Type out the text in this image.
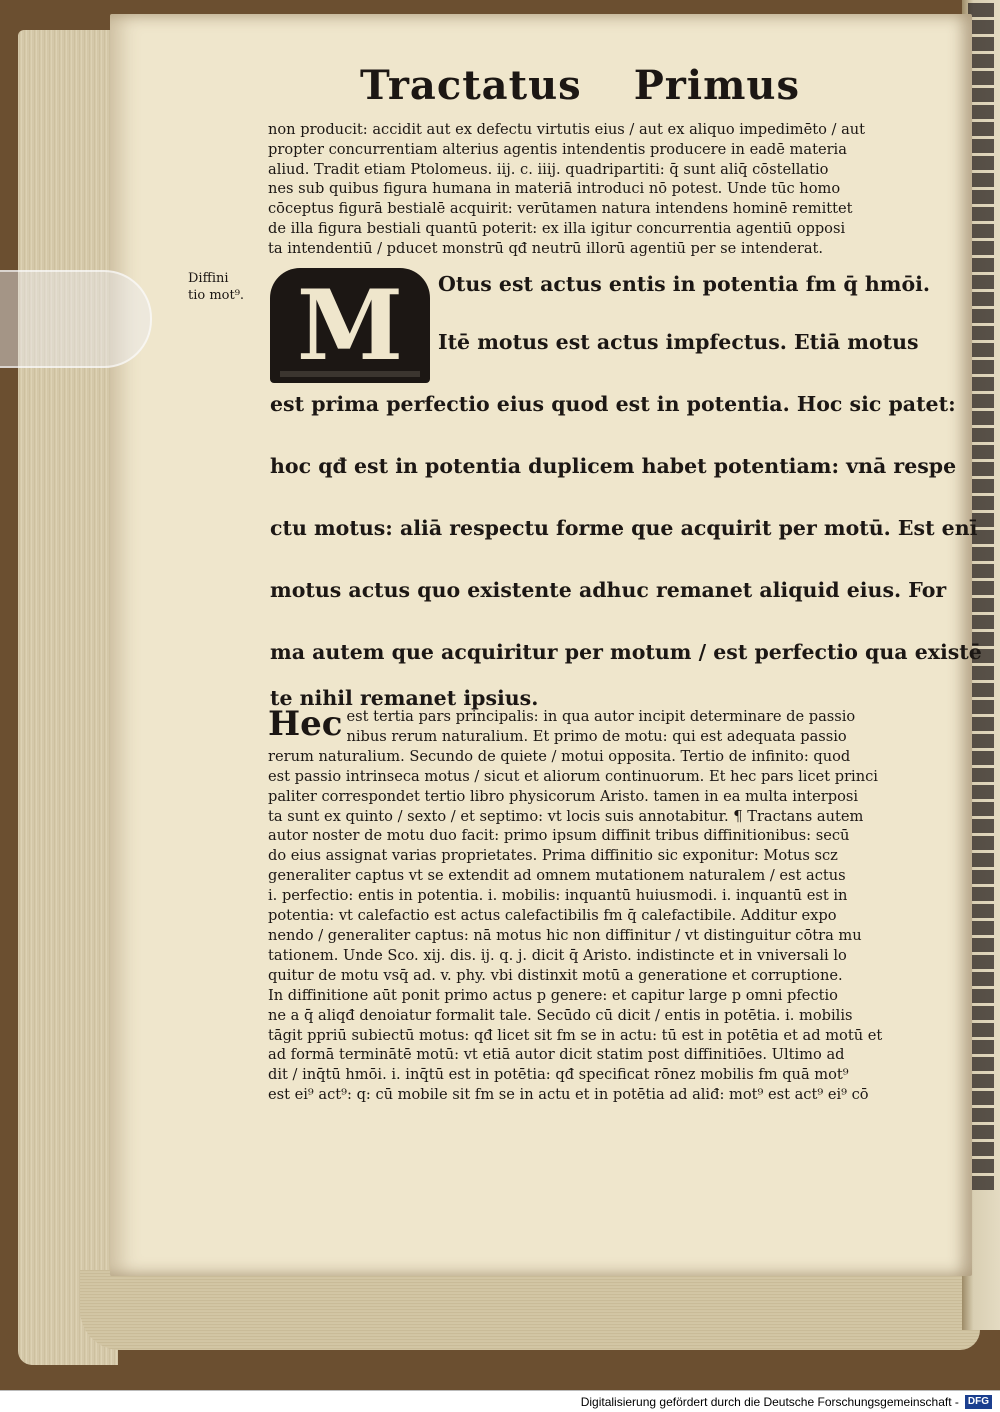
Tractatus Primus
non producit: accidit aut ex defectu virtutis eius / aut ex aliquo impedimēto / aut
propter concurrentiam alterius agentis intendentis producere in eadē materia
aliud. Tradit etiam Ptolomeus. iij. c. iiij. quadripartiti: q̄ sunt aliq̄ cōstellatio
nes sub quibus figura humana in materiā introduci nō potest. Unde tūc homo
cōceptus figurā bestialē acquirit: verūtamen natura intendens hominē remittet
de illa figura bestiali quantū poterit: ex illa igitur concurrentia agentiū opposi
ta intendentiū / pducet monstrū qđ neutrū illorū agentiū per se intenderat.
Diffini
tio mot⁹. M	Otus est actus entis in potentia fm q̄ hmōi.
Itē motus est actus impfectus. Etiā motus
est prima perfectio eius quod est in potentia. Hoc sic patet:
hoc qđ est in potentia duplicem habet potentiam: vnā respe
ctu motus: aliā respectu forme que acquirit per motū. Est enī
motus actus quo existente adhuc remanet aliquid eius. For
ma autem que acquiritur per motum / est perfectio qua existē
te nihil remanet ipsius.
Hec est tertia pars principalis: in qua autor incipit determinare de passio
nibus rerum naturalium. Et primo de motu: qui est adequata passio
rerum naturalium. Secundo de quiete / motui opposita. Tertio de infinito: quod
est passio intrinseca motus / sicut et aliorum continuorum. Et hec pars licet princi
paliter correspondet tertio libro physicorum Aristo. tamen in ea multa interposi
ta sunt ex quinto / sexto / et septimo: vt locis suis annotabitur. ¶ Tractans autem
autor noster de motu duo facit: primo ipsum diffinit tribus diffinitionibus: secū
do eius assignat varias proprietates. Prima diffinitio sic exponitur: Motus scz
generaliter captus vt se extendit ad omnem mutationem naturalem / est actus
i. perfectio: entis in potentia. i. mobilis: inquantū huiusmodi. i. inquantū est in
potentia: vt calefactio est actus calefactibilis fm q̄ calefactibile. Additur expo
nendo / generaliter captus: nā motus hic non diffinitur / vt distinguitur cōtra mu
tationem. Unde Sco. xij. dis. ij. q. j. dicit q̄ Aristo. indistincte et in vniversali lo
quitur de motu vsq̄ ad. v. phy. vbi distinxit motū a generatione et corruptione.
In diffinitione aūt ponit primo actus p genere: et capitur large p omni pfectio
ne a q̄ aliqđ denoiatur formalit tale. Secūdo cū dicit / entis in potētia. i. mobilis
tāgit ppriū subiectū motus: qđ licet sit fm se in actu: tū est in potētia et ad motū et
ad formā terminātē motū: vt etiā autor dicit statim post diffinitiōes. Ultimo ad
dit / inq̄tū hmōi. i. inq̄tū est in potētia: qđ specificat rōnez mobilis fm quā mot⁹
est ei⁹ act⁹: q: cū mobile sit fm se in actu et in potētia ad aliđ: mot⁹ est act⁹ ei⁹ cō
Digitalisierung gefördert durch die Deutsche Forschungsgemeinschaft - DFG
